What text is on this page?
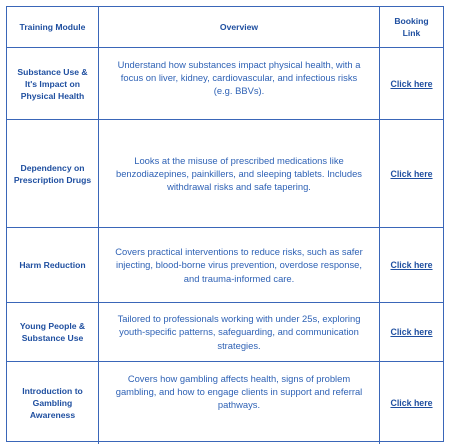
Training Module	Overview
Booking Link
Substance Use & It's Impact on Physical Health
Understand how substances impact physical health, with a focus on liver, kidney, cardiovascular, and infectious risks (e.g. BBVs).
Click here
Dependency on Prescription Drugs
Looks at the misuse of prescribed medications like benzodiazepines, painkillers, and sleeping tablets. Includes withdrawal risks and safe tapering.
Click here
Harm Reduction
Covers practical interventions to reduce risks, such as safer injecting, blood-borne virus prevention, overdose response, and trauma-informed care.
Click here
Young People & Substance Use
Tailored to professionals working with under 25s, exploring youth-specific patterns, safeguarding, and communication strategies.
Click here
Introduction to Gambling Awareness
Covers how gambling affects health, signs of problem gambling, and how to engage clients in support and referral pathways.	Click here
